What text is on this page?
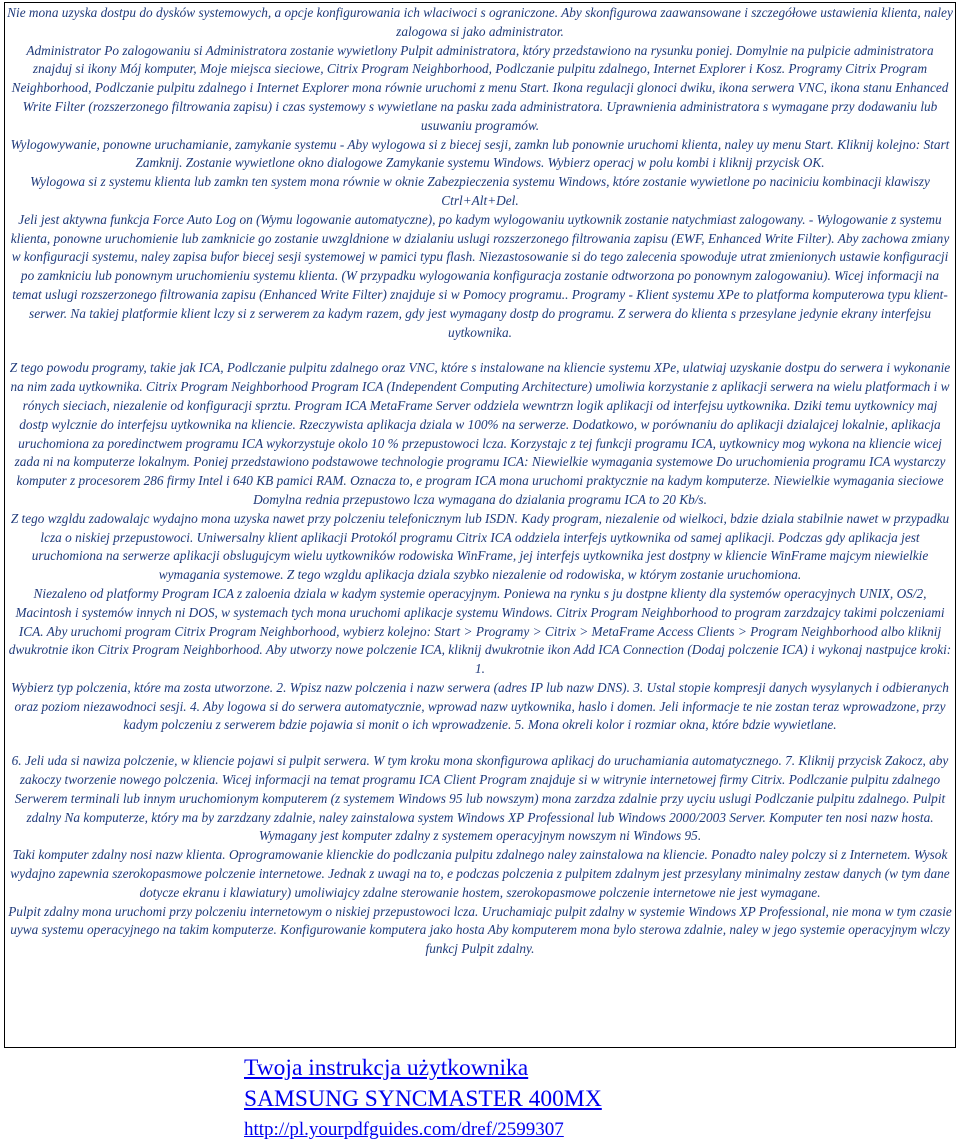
Nie mona uzyska dostpu do dysków systemowych, a opcje konfigurowania ich wlaciwoci s ograniczone. Aby skonfigurowa zaawansowane i szczegółowe ustawienia klienta, naley zalogowa si jako administrator.

Administrator Po zalogowaniu si Administratora zostanie wywietlony Pulpit administratora, który przedstawiono na rysunku poniej. Domylnie na pulpicie administratora znajduj si ikony Mój komputer, Moje miejsca sieciowe, Citrix Program Neighborhood, Podlczanie pulpitu zdalnego, Internet Explorer i Kosz. Programy Citrix Program Neighborhood, Podlczanie pulpitu zdalnego i Internet Explorer mona równie uruchomi z menu Start. Ikona regulacji glonoci dwiku, ikona serwera VNC, ikona stanu Enhanced Write Filter (rozszerzonego filtrowania zapisu) i czas systemowy s wywietlane na pasku zada administratora. Uprawnienia administratora s wymagane przy dodawaniu lub usuwaniu programów.

Wylogowywanie, ponowne uruchamianie, zamykanie systemu - Aby wylogowa si z biecej sesji, zamkn lub ponownie uruchomi klienta, naley uy menu Start. Kliknij kolejno: Start Zamknij. Zostanie wywietlone okno dialogowe Zamykanie systemu Windows. Wybierz operacj w polu kombi i kliknij przycisk OK.

Wylogowa si z systemu klienta lub zamkn ten system mona równie w oknie Zabezpieczenia systemu Windows, które zostanie wywietlone po naciniciu kombinacji klawiszy Ctrl+Alt+Del.

Jeli jest aktywna funkcja Force Auto Log on (Wymu logowanie automatyczne), po kadym wylogowaniu uytkownik zostanie natychmiast zalogowany. - Wylogowanie z systemu klienta, ponowne uruchomienie lub zamknicie go zostanie uwzgldnione w dzialaniu uslugi rozszerzonego filtrowania zapisu (EWF, Enhanced Write Filter). Aby zachowa zmiany w konfiguracji systemu, naley zapisa bufor biecej sesji systemowej w pamici typu flash. Niezastosowanie si do tego zalecenia spowoduje utrat zmienionych ustawie konfiguracji po zamkniciu lub ponownym uruchomieniu systemu klienta. (W przypadku wylogowania konfiguracja zostanie odtworzona po ponownym zalogowaniu). Wicej informacji na temat uslugi rozszerzonego filtrowania zapisu (Enhanced Write Filter) znajduje si w Pomocy programu.. Programy - Klient systemu XPe to platforma komputerowa typu klient-serwer. Na takiej platformie klient lczy si z serwerem za kadym razem, gdy jest wymagany dostp do programu. Z serwera do klienta s przesylane jedynie ekrany interfejsu uytkownika.

Z tego powodu programy, takie jak ICA, Podlczanie pulpitu zdalnego oraz VNC, które s instalowane na kliencie systemu XPe, ulatwiaj uzyskanie dostpu do serwera i wykonanie na nim zada uytkownika. Citrix Program Neighborhood Program ICA (Independent Computing Architecture) umoliwia korzystanie z aplikacji serwera na wielu platformach i w rónych sieciach, niezalenie od konfiguracji sprztu. Program ICA MetaFrame Server oddziela wewntrzn logik aplikacji od interfejsu uytkownika. Dziki temu uytkownicy maj dostp wylcznie do interfejsu uytkownika na kliencie. Rzeczywista aplikacja dziala w 100% na serwerze. Dodatkowo, w porównaniu do aplikacji dzialajcej lokalnie, aplikacja uruchomiona za poredinctwem programu ICA wykorzystuje okolo 10 % przepustowoci lcza. Korzystajc z tej funkcji programu ICA, uytkownicy mog wykona na kliencie wicej zada ni na komputerze lokalnym. Poniej przedstawiono podstawowe technologie programu ICA: Niewielkie wymagania systemowe Do uruchomienia programu ICA wystarczy komputer z procesorem 286 firmy Intel i 640 KB pamici RAM. Oznacza to, e program ICA mona uruchomi praktycznie na kadym komputerze. Niewielkie wymagania sieciowe Domylna rednia przepustowo lcza wymagana do dzialania programu ICA to 20 Kb/s.

Z tego wzgldu zadowalajc wydajno mona uzyska nawet przy polczeniu telefonicznym lub ISDN. Kady program, niezalenie od wielkoci, bdzie dziala stabilnie nawet w przypadku lcza o niskiej przepustowoci. Uniwersalny klient aplikacji Protokól programu Citrix ICA oddziela interfejs uytkownika od samej aplikacji. Podczas gdy aplikacja jest uruchomiona na serwerze aplikacji obslugujcym wielu uytkowników rodowiska WinFrame, jej interfejs uytkownika jest dostpny w kliencie WinFrame majcym niewielkie wymagania systemowe. Z tego wzgldu aplikacja dziala szybko niezalenie od rodowiska, w którym zostanie uruchomiona.

Niezaleno od platformy Program ICA z zaloenia dziala w kadym systemie operacyjnym. Poniewa na rynku s ju dostpne klienty dla systemów operacyjnych UNIX, OS/2, Macintosh i systemów innych ni DOS, w systemach tych mona uruchomi aplikacje systemu Windows. Citrix Program Neighborhood to program zarzdzajcy takimi polczeniami ICA. Aby uruchomi program Citrix Program Neighborhood, wybierz kolejno: Start > Programy > Citrix > MetaFrame Access Clients > Program Neighborhood albo kliknij dwukrotnie ikon Citrix Program Neighborhood. Aby utworzy nowe polczenie ICA, kliknij dwukrotnie ikon Add ICA Connection (Dodaj polczenie ICA) i wykonaj nastpujce kroki: 1.

Wybierz typ polczenia, które ma zosta utworzone. 2. Wpisz nazw polczenia i nazw serwera (adres IP lub nazw DNS). 3. Ustal stopie kompresji danych wysylanych i odbieranych oraz poziom niezawodnoci sesji. 4. Aby logowa si do serwera automatycznie, wprowad nazw uytkownika, haslo i domen. Jeli informacje te nie zostan teraz wprowadzone, przy kadym polczeniu z serwerem bdzie pojawia si monit o ich wprowadzenie. 5. Mona okreli kolor i rozmiar okna, które bdzie wywietlane.

6. Jeli uda si nawiza polczenie, w kliencie pojawi si pulpit serwera. W tym kroku mona skonfigurowa aplikacj do uruchamiania automatycznego. 7. Kliknij przycisk Zakocz, aby zakoczy tworzenie nowego polczenia. Wicej informacji na temat programu ICA Client Program znajduje si w witrynie internetowej firmy Citrix. Podlczanie pulpitu zdalnego Serwerem terminali lub innym uruchomionym komputerem (z systemem Windows 95 lub nowszym) mona zarzdza zdalnie przy uyciu uslugi Podlczanie pulpitu zdalnego. Pulpit zdalny Na komputerze, który ma by zarzdzany zdalnie, naley zainstalowa system Windows XP Professional lub Windows 2000/2003 Server. Komputer ten nosi nazw hosta. Wymagany jest komputer zdalny z systemem operacyjnym nowszym ni Windows 95.

Taki komputer zdalny nosi nazw klienta. Oprogramowanie klienckie do podlczania pulpitu zdalnego naley zainstalowa na kliencie. Ponadto naley polczy si z Internetem. Wysok wydajno zapewnia szerokopasmowe polczenie internetowe. Jednak z uwagi na to, e podczas polczenia z pulpitem zdalnym jest przesylany minimalny zestaw danych (w tym dane dotycze ekranu i klawiatury) umoliwiajcy zdalne sterowanie hostem, szerokopasmowe polczenie internetowe nie jest wymagane.

Pulpit zdalny mona uruchomi przy polczeniu internetowym o niskiej przepustowoci lcza. Uruchamiajc pulpit zdalny w systemie Windows XP Professional, nie mona w tym czasie uywa systemu operacyjnego na takim komputerze. Konfigurowanie komputera jako hosta Aby komputerem mona bylo sterowa zdalnie, naley w jego systemie operacyjnym wlczy funkcj Pulpit zdalny.

Twoja instrukcja użytkownika
SAMSUNG SYNCMASTER 400MX
http://pl.yourpdfguides.com/dref/2599307
